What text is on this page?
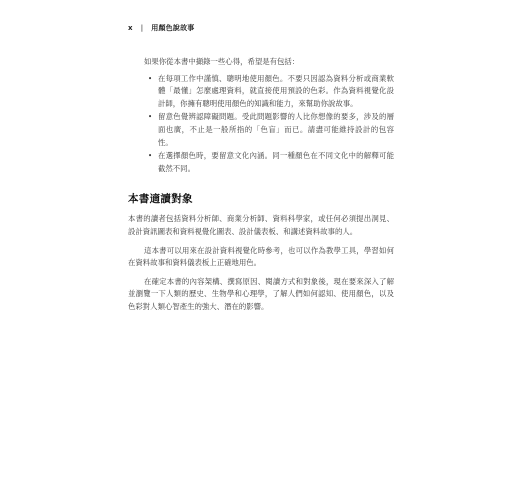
x | 用顏色說故事

如果你從本書中擷錄一些心得，希望是有包括：

• 在每項工作中謹慎、聰明地使用顏色。不要只因認為資料分析或商業軟體「最懂」怎麼處理資料，就直接使用預設的色彩。作為資料視覺化設計師，你擁有聰明使用顏色的知識和能力，來幫助你說故事。
• 留意色覺辨認障礙問題。受此問題影響的人比你想像的要多，涉及的層面也廣，不止是一般所指的「色盲」而已。請盡可能維持設計的包容性。
• 在選擇顏色時，要留意文化內涵。同一種顏色在不同文化中的解釋可能截然不同。
本書適讀對象

本書的讀者包括資料分析師、商業分析師、資料科學家，或任何必須提出洞見、設計資訊圖表和資料視覺化圖表、設計儀表板、和講述資料故事的人。

這本書可以用來在設計資料視覺化時參考，也可以作為教學工具，學習如何在資料故事和資料儀表板上正確地用色。

在確定本書的內容架構、撰寫原因、閱讀方式和對象後，現在要來深入了解並瀏覽一下人類的歷史、生物學和心理學，了解人們如何認知、使用顏色，以及色彩對人類心智產生的強大、潛在的影響。
